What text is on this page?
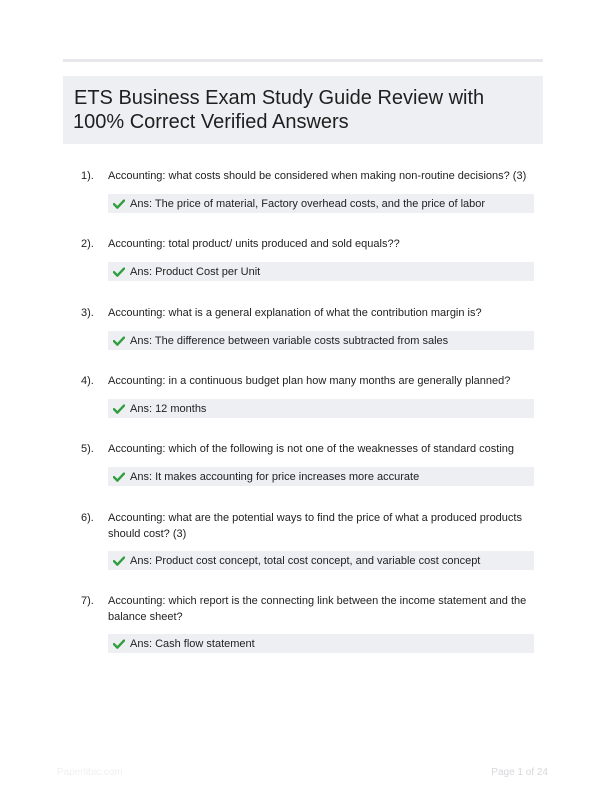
ETS Business Exam Study Guide Review with
100% Correct Verified Answers
1). Accounting: what costs should be considered when making non-routine decisions? (3)
Ans: The price of material, Factory overhead costs, and the price of labor
2). Accounting: total product/ units produced and sold equals??
Ans: Product Cost per Unit
3). Accounting: what is a general explanation of what the contribution margin is?
Ans: The difference between variable costs subtracted from sales
4). Accounting: in a continuous budget plan how many months are generally planned?
Ans: 12 months
5). Accounting: which of the following is not one of the weaknesses of standard costing
Ans: It makes accounting for price increases more accurate
6). Accounting: what are the potential ways to find the price of what a produced products should cost? (3)
Ans: Product cost concept, total cost concept, and variable cost concept
7). Accounting: which report is the connecting link between the income statement and the balance sheet?
Ans: Cash flow statement
Paperlibic.com	Page 1 of 24
